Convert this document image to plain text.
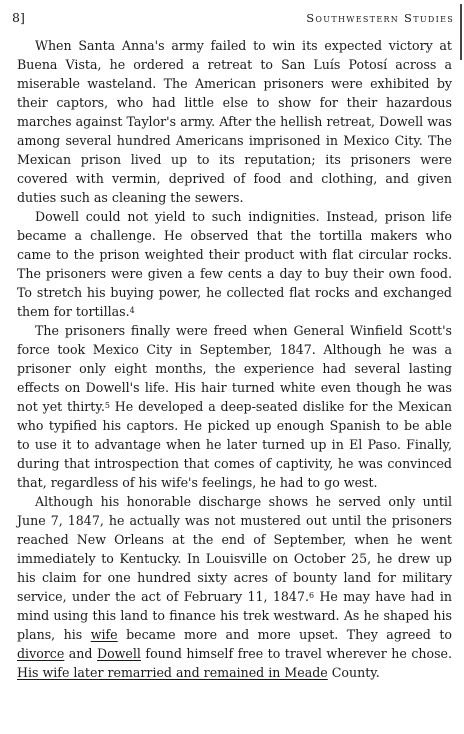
8]	Southwestern Studies

When Santa Anna's army failed to win its expected victory at Buena Vista, he ordered a retreat to San Luís Potosí across a miserable wasteland. The American prisoners were exhibited by their captors, who had little else to show for their hazardous marches against Taylor's army. After the hellish retreat, Dowell was among several hundred Americans imprisoned in Mexico City. The Mexican prison lived up to its reputation; its prisoners were covered with vermin, deprived of food and clothing, and given duties such as cleaning the sewers.

Dowell could not yield to such indignities. Instead, prison life became a challenge. He observed that the tortilla makers who came to the prison weighted their product with flat circular rocks. The prisoners were given a few cents a day to buy their own food. To stretch his buying power, he collected flat rocks and exchanged them for tortillas.$^4$

The prisoners finally were freed when General Winfield Scott's force took Mexico City in September, 1847. Although he was a prisoner only eight months, the experience had several lasting effects on Dowell's life. His hair turned white even though he was not yet thirty.$^5$ He developed a deep-seated dislike for the Mexican who typified his captors. He picked up enough Spanish to be able to use it to advantage when he later turned up in El Paso. Finally, during that introspection that comes of captivity, he was convinced that, regardless of his wife's feelings, he had to go west.

Although his honorable discharge shows he served only until June 7, 1847, he actually was not mustered out until the prisoners reached New Orleans at the end of September, when he went immediately to Kentucky. In Louisville on October 25, he drew up his claim for one hundred sixty acres of bounty land for military service, under the act of February 11, 1847.$^6$ He may have had in mind using this land to finance his trek westward. As he shaped his plans, his wife became more and more upset. They agreed to divorce and Dowell found himself free to travel wherever he chose. His wife later remarried and remained in Meade County.
